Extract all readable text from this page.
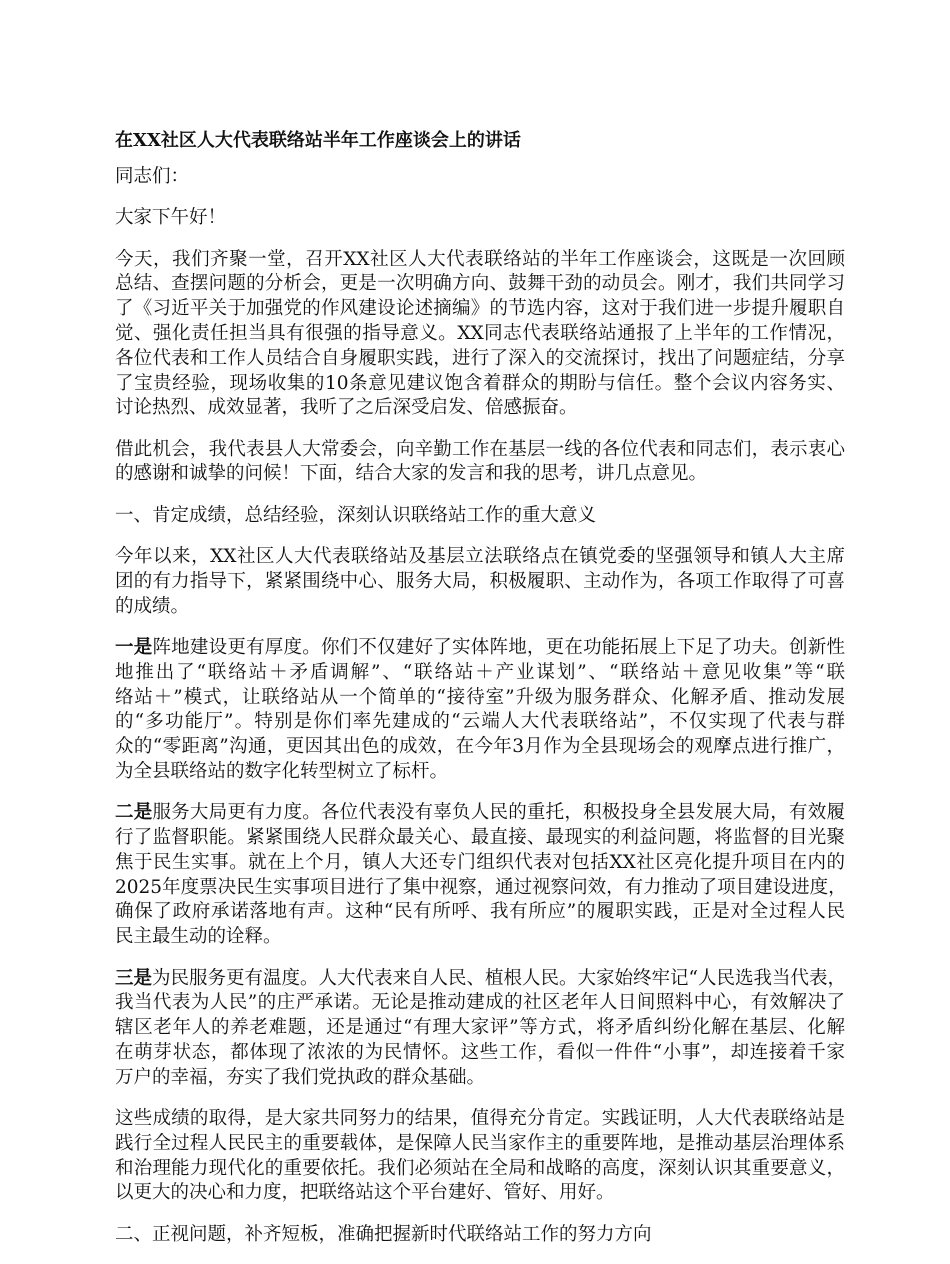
在XX社区人大代表联络站半年工作座谈会上的讲话
同志们：
大家下午好！
今天，我们齐聚一堂，召开XX社区人大代表联络站的半年工作座谈会，这既是一次回顾
总结、查摆问题的分析会，更是一次明确方向、鼓舞干劲的动员会。刚才，我们共同学习
了《习近平关于加强党的作风建设论述摘编》的节选内容，这对于我们进一步提升履职自
觉、强化责任担当具有很强的指导意义。XX同志代表联络站通报了上半年的工作情况，
各位代表和工作人员结合自身履职实践，进行了深入的交流探讨，找出了问题症结，分享
了宝贵经验，现场收集的10条意见建议饱含着群众的期盼与信任。整个会议内容务实、
讨论热烈、成效显著，我听了之后深受启发、倍感振奋。
借此机会，我代表县人大常委会，向辛勤工作在基层一线的各位代表和同志们，表示衷心
的感谢和诚挚的问候！下面，结合大家的发言和我的思考，讲几点意见。
一、肯定成绩，总结经验，深刻认识联络站工作的重大意义
今年以来，XX社区人大代表联络站及基层立法联络点在镇党委的坚强领导和镇人大主席
团的有力指导下，紧紧围绕中心、服务大局，积极履职、主动作为，各项工作取得了可喜
的成绩。
一是阵地建设更有厚度。你们不仅建好了实体阵地，更在功能拓展上下足了功夫。创新性
地推出了“联络站＋矛盾调解”、“联络站＋产业谋划”、“联络站＋意见收集”等“联
络站＋”模式，让联络站从一个简单的“接待室”升级为服务群众、化解矛盾、推动发展
的“多功能厅”。特别是你们率先建成的“云端人大代表联络站”，不仅实现了代表与群
众的“零距离”沟通，更因其出色的成效，在今年3月作为全县现场会的观摩点进行推广，
为全县联络站的数字化转型树立了标杆。
二是服务大局更有力度。各位代表没有辜负人民的重托，积极投身全县发展大局，有效履
行了监督职能。紧紧围绕人民群众最关心、最直接、最现实的利益问题，将监督的目光聚
焦于民生实事。就在上个月，镇人大还专门组织代表对包括XX社区亮化提升项目在内的
2025年度票决民生实事项目进行了集中视察，通过视察问效，有力推动了项目建设进度，
确保了政府承诺落地有声。这种“民有所呼、我有所应”的履职实践，正是对全过程人民
民主最生动的诠释。
三是为民服务更有温度。人大代表来自人民、植根人民。大家始终牢记“人民选我当代表，
我当代表为人民”的庄严承诺。无论是推动建成的社区老年人日间照料中心，有效解决了
辖区老年人的养老难题，还是通过“有理大家评”等方式，将矛盾纠纷化解在基层、化解
在萌芽状态，都体现了浓浓的为民情怀。这些工作，看似一件件“小事”，却连接着千家
万户的幸福，夯实了我们党执政的群众基础。
这些成绩的取得，是大家共同努力的结果，值得充分肯定。实践证明，人大代表联络站是
践行全过程人民民主的重要载体，是保障人民当家作主的重要阵地，是推动基层治理体系
和治理能力现代化的重要依托。我们必须站在全局和战略的高度，深刻认识其重要意义，
以更大的决心和力度，把联络站这个平台建好、管好、用好。
二、正视问题，补齐短板，准确把握新时代联络站工作的努力方向
